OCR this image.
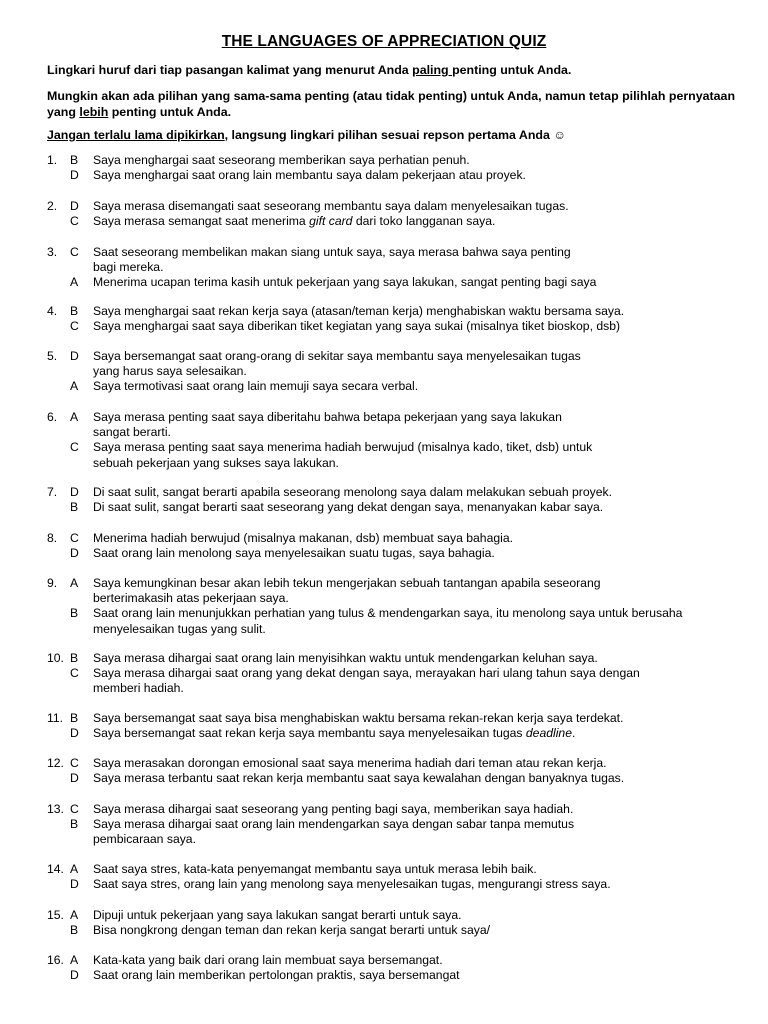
THE LANGUAGES OF APPRECIATION QUIZ
Lingkari huruf dari tiap pasangan kalimat yang menurut Anda paling penting untuk Anda.
Mungkin akan ada pilihan yang sama-sama penting (atau tidak penting) untuk Anda, namun tetap pilihlah pernyataan yang lebih penting untuk Anda.
Jangan terlalu lama dipikirkan, langsung lingkari pilihan sesuai repson pertama Anda ☺
1. B Saya menghargai saat seseorang memberikan saya perhatian penuh.
D Saya menghargai saat orang lain membantu saya dalam pekerjaan atau proyek.
2. D Saya merasa disemangati saat seseorang membantu saya dalam menyelesaikan tugas.
C Saya merasa semangat saat menerima gift card dari toko langganan saya.
3. C Saat seseorang membelikan makan siang untuk saya, saya merasa bahwa saya penting
bagi mereka.
A Menerima ucapan terima kasih untuk pekerjaan yang saya lakukan, sangat penting bagi saya
4. B Saya menghargai saat rekan kerja saya (atasan/teman kerja) menghabiskan waktu bersama saya.
C Saya menghargai saat saya diberikan tiket kegiatan yang saya sukai (misalnya tiket bioskop, dsb)
5. D Saya bersemangat saat orang-orang di sekitar saya membantu saya menyelesaikan tugas
yang harus saya selesaikan.
A Saya termotivasi saat orang lain memuji saya secara verbal.
6. A Saya merasa penting saat saya diberitahu bahwa betapa pekerjaan yang saya lakukan
sangat berarti.
C Saya merasa penting saat saya menerima hadiah berwujud (misalnya kado, tiket, dsb) untuk
sebuah pekerjaan yang sukses saya lakukan.
7. D Di saat sulit, sangat berarti apabila seseorang menolong saya dalam melakukan sebuah proyek.
B Di saat sulit, sangat berarti saat seseorang yang dekat dengan saya, menanyakan kabar saya.
8. C Menerima hadiah berwujud (misalnya makanan, dsb) membuat saya bahagia.
D Saat orang lain menolong saya menyelesaikan suatu tugas, saya bahagia.
9. A Saya kemungkinan besar akan lebih tekun mengerjakan sebuah tantangan apabila seseorang
berterimakasih atas pekerjaan saya.
B Saat orang lain menunjukkan perhatian yang tulus & mendengarkan saya, itu menolong saya untuk berusaha
menyelesaikan tugas yang sulit.
10. B Saya merasa dihargai saat orang lain menyisihkan waktu untuk mendengarkan keluhan saya.
C Saya merasa dihargai saat orang yang dekat dengan saya, merayakan hari ulang tahun saya dengan
memberi hadiah.
11. B Saya bersemangat saat saya bisa menghabiskan waktu bersama rekan-rekan kerja saya terdekat.
D Saya bersemangat saat rekan kerja saya membantu saya menyelesaikan tugas deadline.
12. C Saya merasakan dorongan emosional saat saya menerima hadiah dari teman atau rekan kerja.
D Saya merasa terbantu saat rekan kerja membantu saat saya kewalahan dengan banyaknya tugas.
13. C Saya merasa dihargai saat seseorang yang penting bagi saya, memberikan saya hadiah.
B Saya merasa dihargai saat orang lain mendengarkan saya dengan sabar tanpa memutus
pembicaraan saya.
14. A Saat saya stres, kata-kata penyemangat membantu saya untuk merasa lebih baik.
D Saat saya stres, orang lain yang menolong saya menyelesaikan tugas, mengurangi stress saya.
15. A Dipuji untuk pekerjaan yang saya lakukan sangat berarti untuk saya.
B Bisa nongkrong dengan teman dan rekan kerja sangat berarti untuk saya/
16. A Kata-kata yang baik dari orang lain membuat saya bersemangat.
D Saat orang lain memberikan pertolongan praktis, saya bersemangat
